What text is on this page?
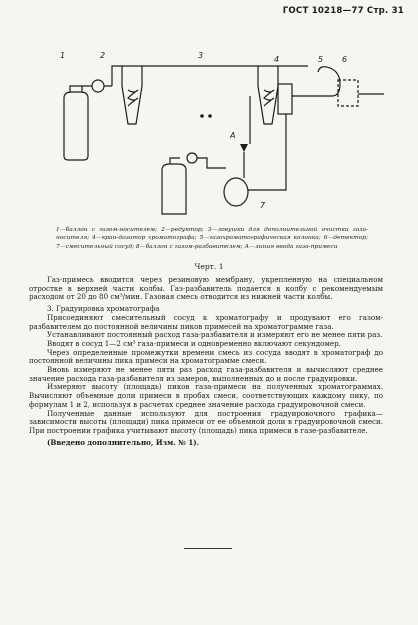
ГОСТ 10218—77 Стр. 31
1	2	3	4	5 6
A
7
1—баллон с газом-носителем; 2—редуктор; 3—ловушки для дополнительной очистки газа-носителя; 4—кран-дозатор хроматографа; 5—газохроматографическая колонка; 6—детектор; 7—смесительный сосуд; 8—баллон с газом-разбавителем; А—линия ввода газа-примеси
Черт. 1

Газ-примесь вводится через резиновую мембрану, укрепленную на специальном отростке в верхней части колбы. Газ-разбавитель подается в колбу с рекомендуемым расходом от 20 до 80 см³/мин. Газовая смесь отводится из нижней части колбы.

3. Градуировка хроматографа

Присоединяют смесительный сосуд к хроматографу и продувают его газом-разбавителем до постоянной величины пиков примесей на хроматограмме газа.

Устанавливают постоянный расход газа-разбавителя и измеряют его не менее пяти раз.

Вводят в сосуд 1—2 см³ газа-примеси и одновременно включают секундомер.

Через определенные промежутки времени смесь из сосуда вводят в хроматограф до постоянной величины пика примеси на хроматограмме смеси.

Вновь измеряют не менее пяти раз расход газа-разбавителя и вычисляют среднее значение расхода газа-разбавителя из замеров, выполненных до и после градуировки.

Измеряют высоту (площадь) пиков газа-примеси на полученных хроматограммах. Вычисляют объемные доли примеси в пробах смеси, соответствующих каждому пику, по формулам 1 и 2, используя в расчетах среднее значение расхода градуировочной смеси.

Полученные данные используют для построения градуировочного графика—зависимости высоты (площади) пика примеси от ее объемной доли в градуировочной смеси. При построении графика учитывают высоту (площадь) пика примеси в газе-разбавителе.

(Введено дополнительно, Изм. № 1).
